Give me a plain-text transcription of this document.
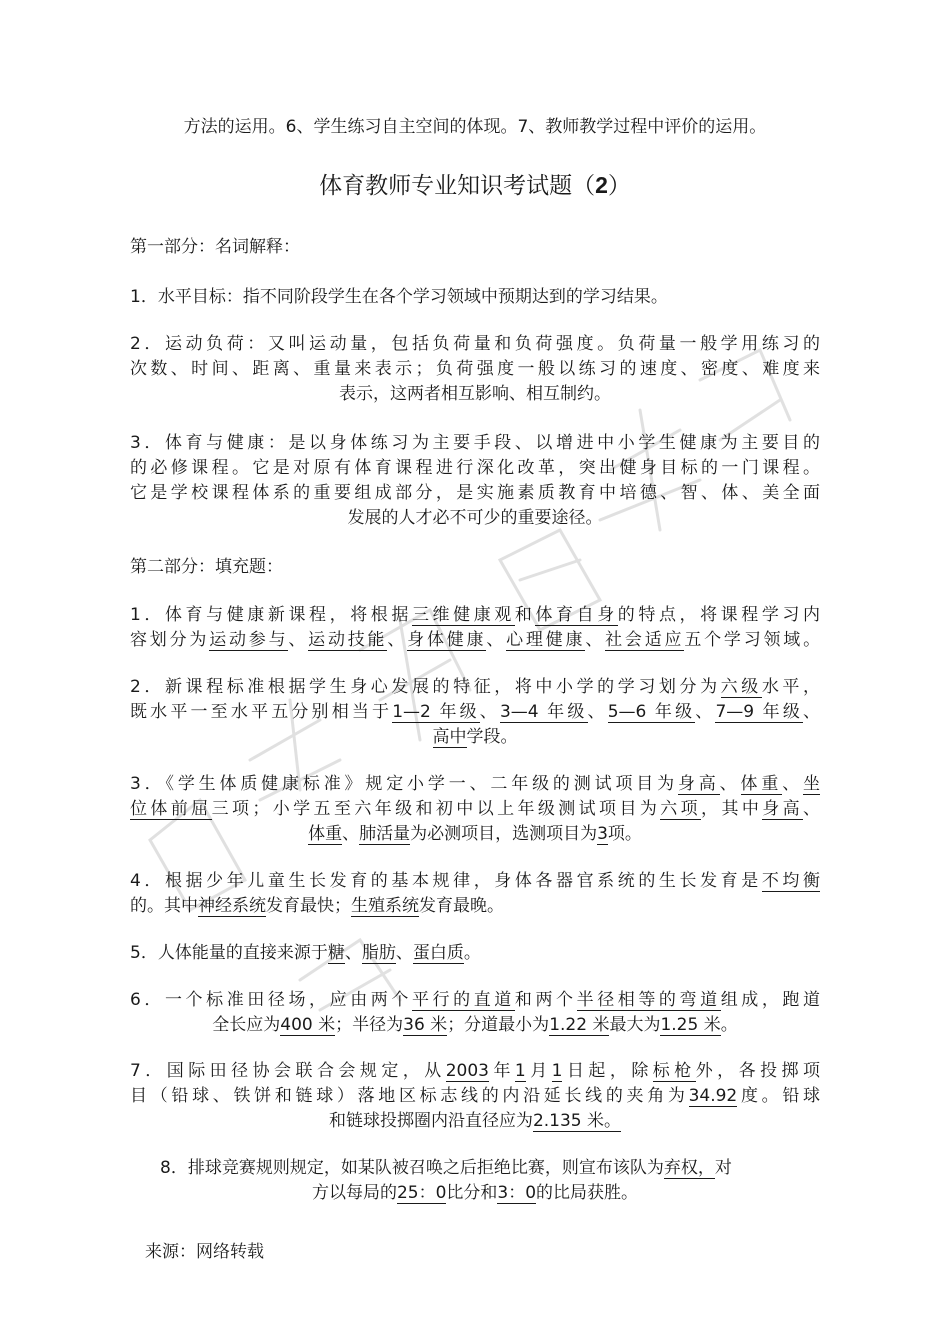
方法的运用。6、学生练习自主空间的体现。7、教师教学过程中评价的运用。
体育教师专业知识考试题（2）
第一部分：名词解释：
1．水平目标：指不同阶段学生在各个学习领域中预期达到的学习结果。
2．运动负荷：又叫运动量，包括负荷量和负荷强度。负荷量一般学用练习的
次数、时间、距离、重量来表示；负荷强度一般以练习的速度、密度、难度来
表示，这两者相互影响、相互制约。
3．体育与健康：是以身体练习为主要手段、以增进中小学生健康为主要目的
的必修课程。它是对原有体育课程进行深化改革，突出健身目标的一门课程。
它是学校课程体系的重要组成部分，是实施素质教育中培德、智、体、美全面
发展的人才必不可少的重要途径。
第二部分：填充题：
1．体育与健康新课程，将根据三维健康观和体育自身的特点，将课程学习内
容划分为运动参与、运动技能、身体健康、心理健康、社会适应五个学习领域。
2．新课程标准根据学生身心发展的特征，将中小学的学习划分为六级水平，
既水平一至水平五分别相当于1—2 年级、3—4 年级、5—6 年级、7—9 年级、
高中学段。
3．《学生体质健康标准》规定小学一、二年级的测试项目为身高、体重、坐
位体前屈三项；小学五至六年级和初中以上年级测试项目为六项，其中身高、
体重、肺活量为必测项目，选测项目为3项。
4．根据少年儿童生长发育的基本规律，身体各器官系统的生长发育是不均衡
的。其中神经系统发育最快；生殖系统发育最晚。
5．人体能量的直接来源于糖、脂肪、蛋白质。
6．一个标准田径场，应由两个平行的直道和两个半径相等的弯道组成，跑道
全长应为400 米；半径为36 米；分道最小为1.22 米最大为1.25 米。
7．国际田径协会联合会规定，从2003年1月1日起，除标枪外，各投掷项
目（铅球、铁饼和链球）落地区标志线的内沿延长线的夹角为34.92度。铅球
和链球投掷圈内沿直径应为2.135 米。
8．排球竞赛规则规定，如某队被召唤之后拒绝比赛，则宣布该队为弃权，对
方以每局的25：0比分和3：0的比局获胜。
来源：网络转载
